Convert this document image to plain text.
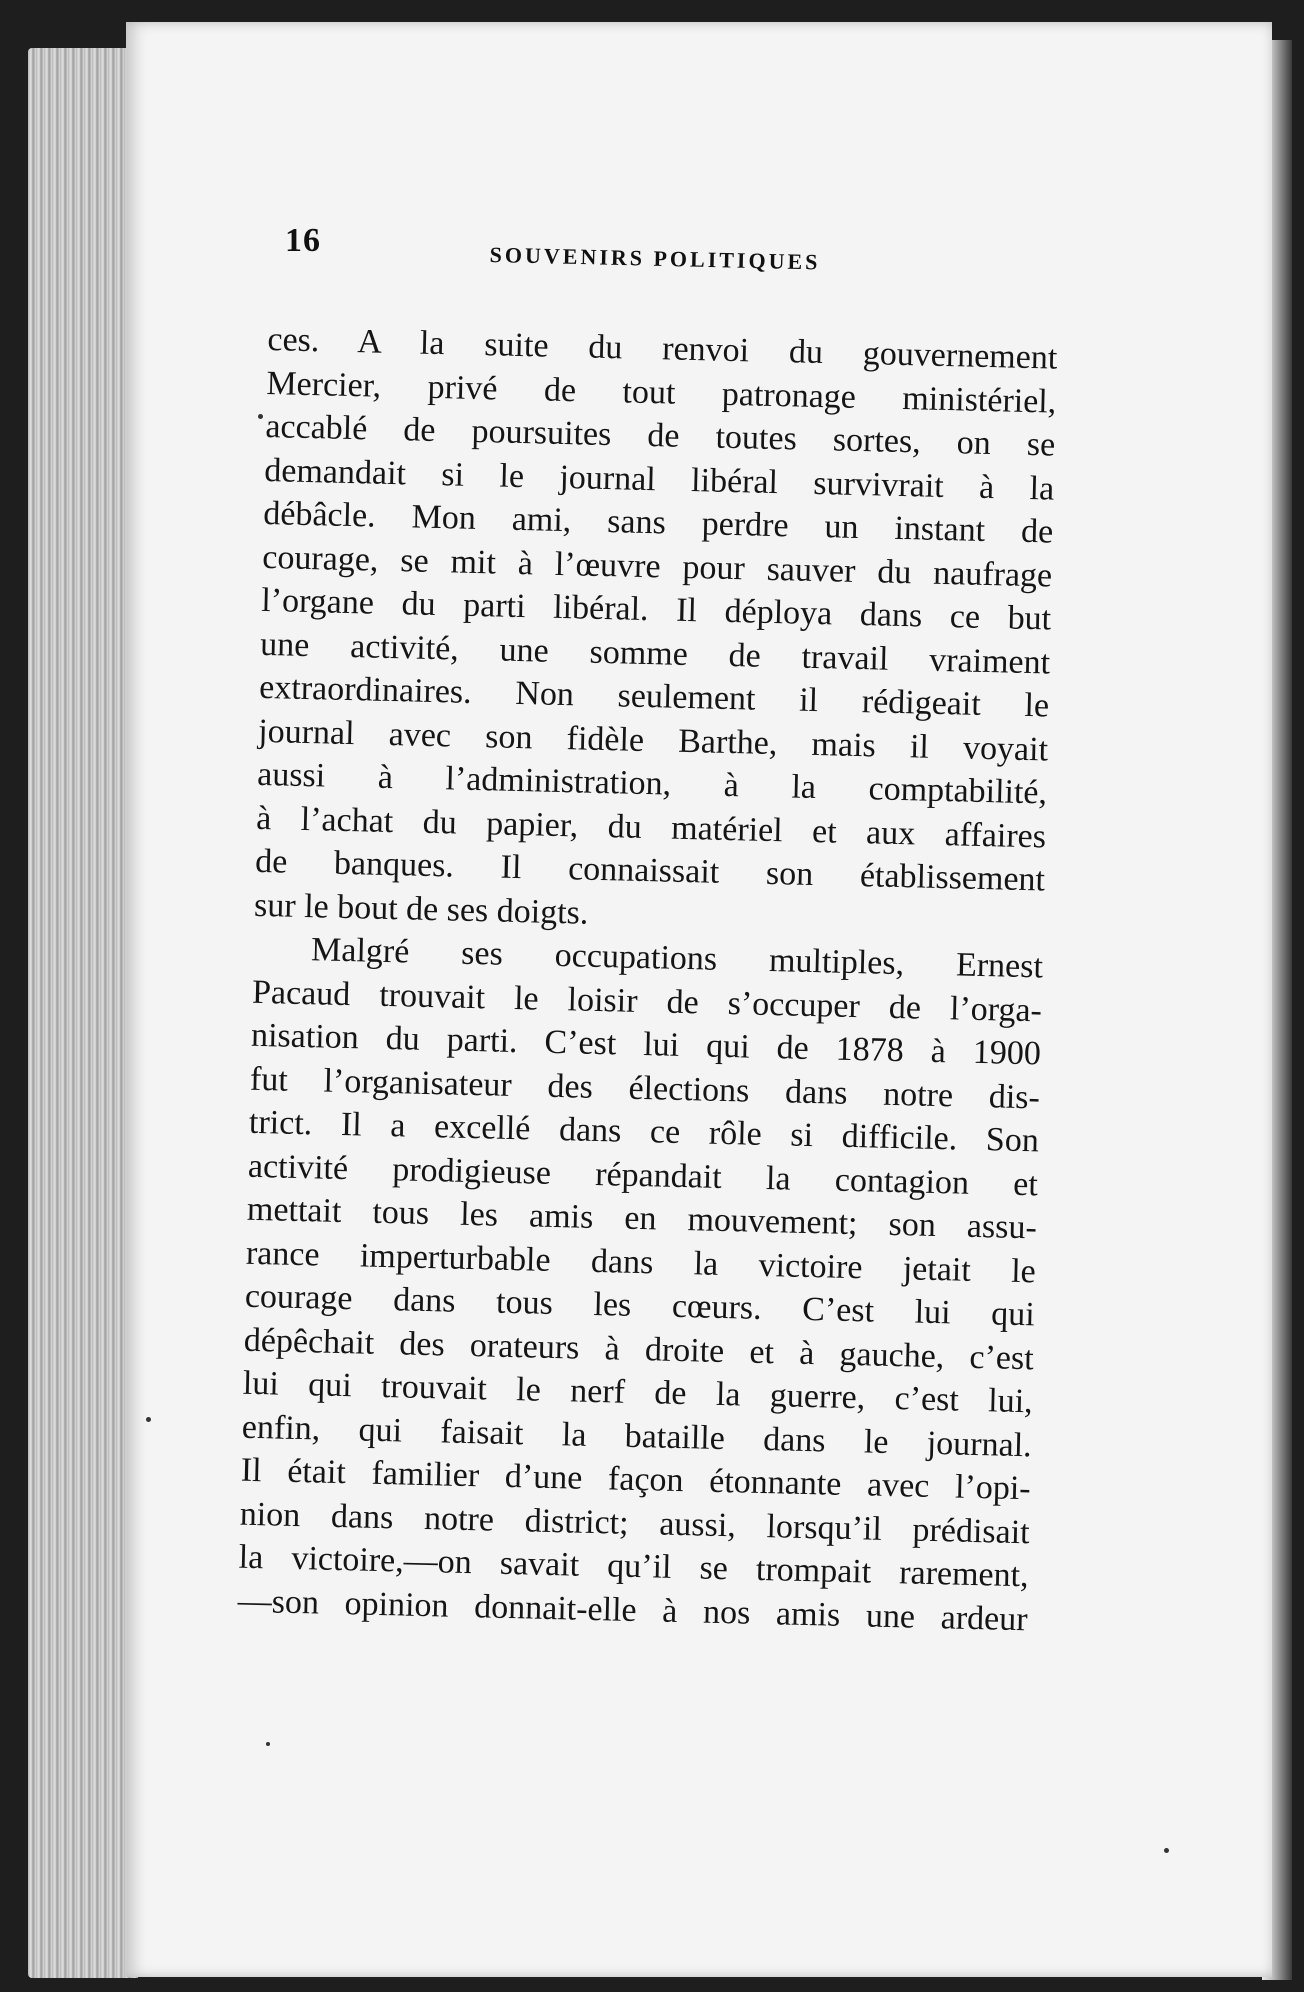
16	SOUVENIRS POLITIQUES
ces. A la suite du renvoi du gouvernement
Mercier, privé de tout patronage ministériel,
accablé de poursuites de toutes sortes, on se
demandait si le journal libéral survivrait à la
débâcle. Mon ami, sans perdre un instant de
courage, se mit à l’œuvre pour sauver du naufrage
l’organe du parti libéral. Il déploya dans ce but
une activité, une somme de travail vraiment
extraordinaires. Non seulement il rédigeait le
journal avec son fidèle Barthe, mais il voyait
aussi à l’administration, à la comptabilité,
à l’achat du papier, du matériel et aux affaires
de banques. Il connaissait son établissement
sur le bout de ses doigts.
Malgré ses occupations multiples, Ernest
Pacaud trouvait le loisir de s’occuper de l’orga-
nisation du parti. C’est lui qui de 1878 à 1900
fut l’organisateur des élections dans notre dis-
trict. Il a excellé dans ce rôle si difficile. Son
activité prodigieuse répandait la contagion et
mettait tous les amis en mouvement; son assu-
rance imperturbable dans la victoire jetait le
courage dans tous les cœurs. C’est lui qui
dépêchait des orateurs à droite et à gauche, c’est
lui qui trouvait le nerf de la guerre, c’est lui,
enfin, qui faisait la bataille dans le journal.
Il était familier d’une façon étonnante avec l’opi-
nion dans notre district; aussi, lorsqu’il prédisait
la victoire,—on savait qu’il se trompait rarement,
—son opinion donnait-elle à nos amis une ardeur
